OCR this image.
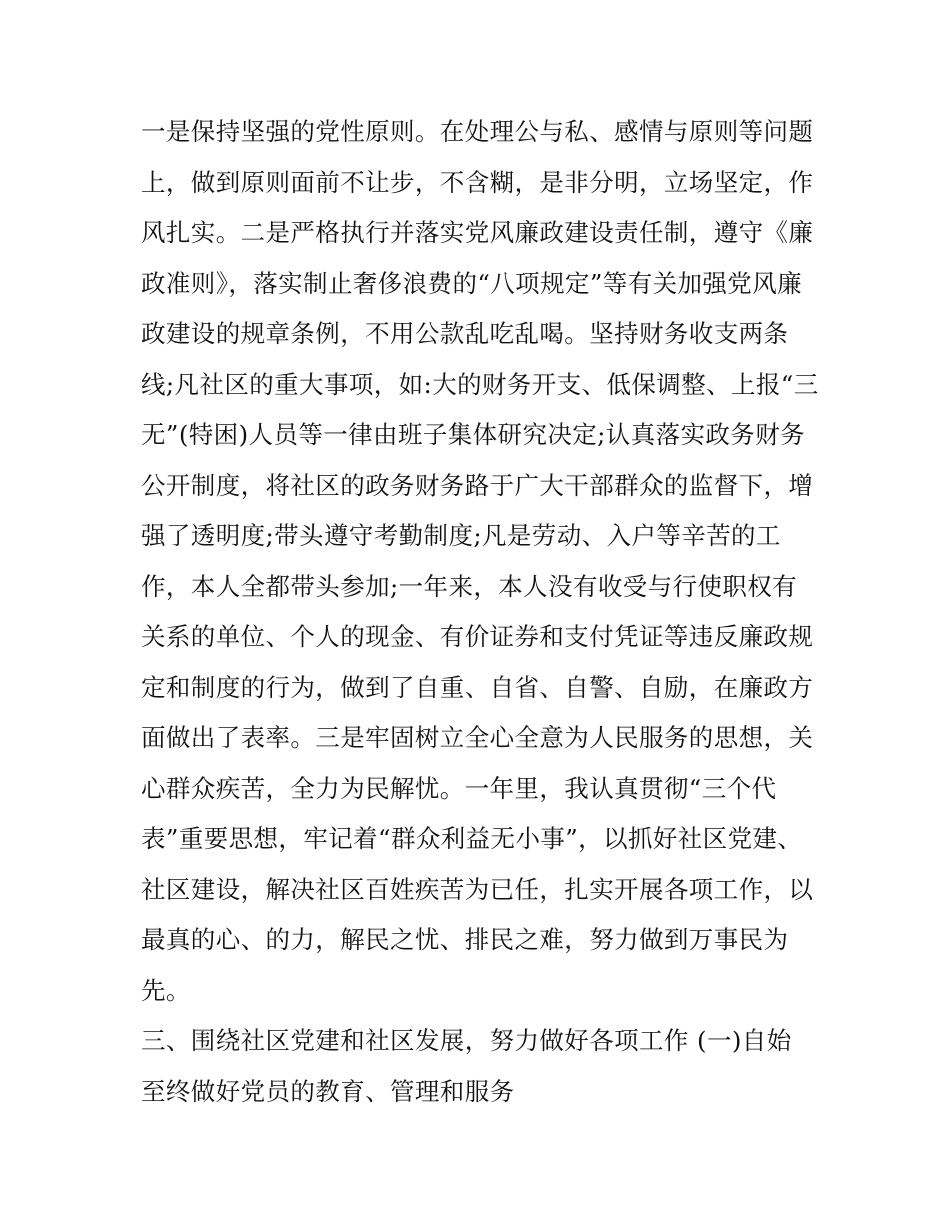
一是保持坚强的党性原则。在处理公与私、感情与原则等问题
上，做到原则面前不让步，不含糊，是非分明，立场坚定，作
风扎实。二是严格执行并落实党风廉政建设责任制，遵守《廉
政准则》，落实制止奢侈浪费的“八项规定”等有关加强党风廉
政建设的规章条例，不用公款乱吃乱喝。坚持财务收支两条
线;凡社区的重大事项，如:大的财务开支、低保调整、上报“三
无”(特困)人员等一律由班子集体研究决定;认真落实政务财务
公开制度，将社区的政务财务路于广大干部群众的监督下，增
强了透明度;带头遵守考勤制度;凡是劳动、入户等辛苦的工
作，本人全都带头参加;一年来，本人没有收受与行使职权有
关系的单位、个人的现金、有价证券和支付凭证等违反廉政规
定和制度的行为，做到了自重、自省、自警、自励，在廉政方
面做出了表率。三是牢固树立全心全意为人民服务的思想，关
心群众疾苦，全力为民解忧。一年里，我认真贯彻“三个代
表”重要思想，牢记着“群众利益无小事”，以抓好社区党建、
社区建设，解决社区百姓疾苦为已任，扎实开展各项工作，以
最真的心、的力，解民之忧、排民之难，努力做到万事民为
先。
三、围绕社区党建和社区发展，努力做好各项工作 (一)自始
至终做好党员的教育、管理和服务
